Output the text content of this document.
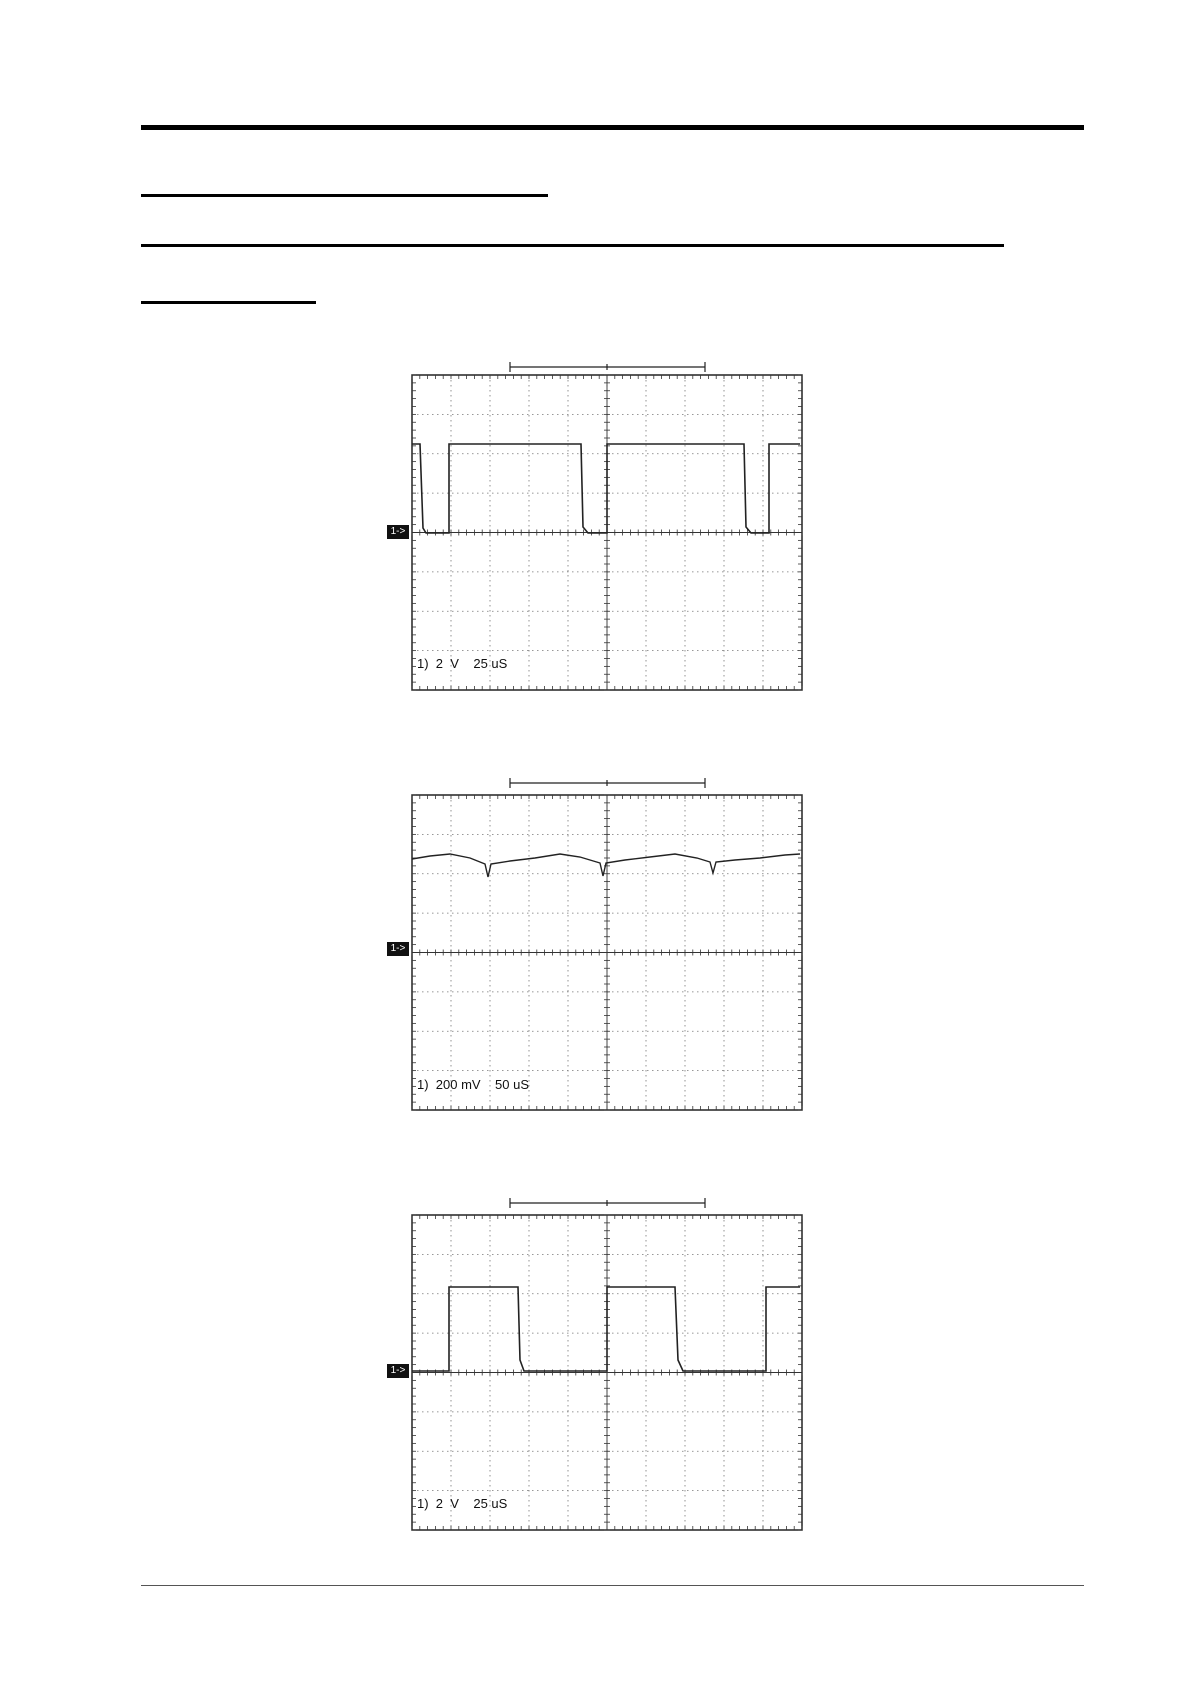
1->
1)  2  V    25 uS
1->
1)  200 mV    50 uS
1->
1)  2  V    25 uS
